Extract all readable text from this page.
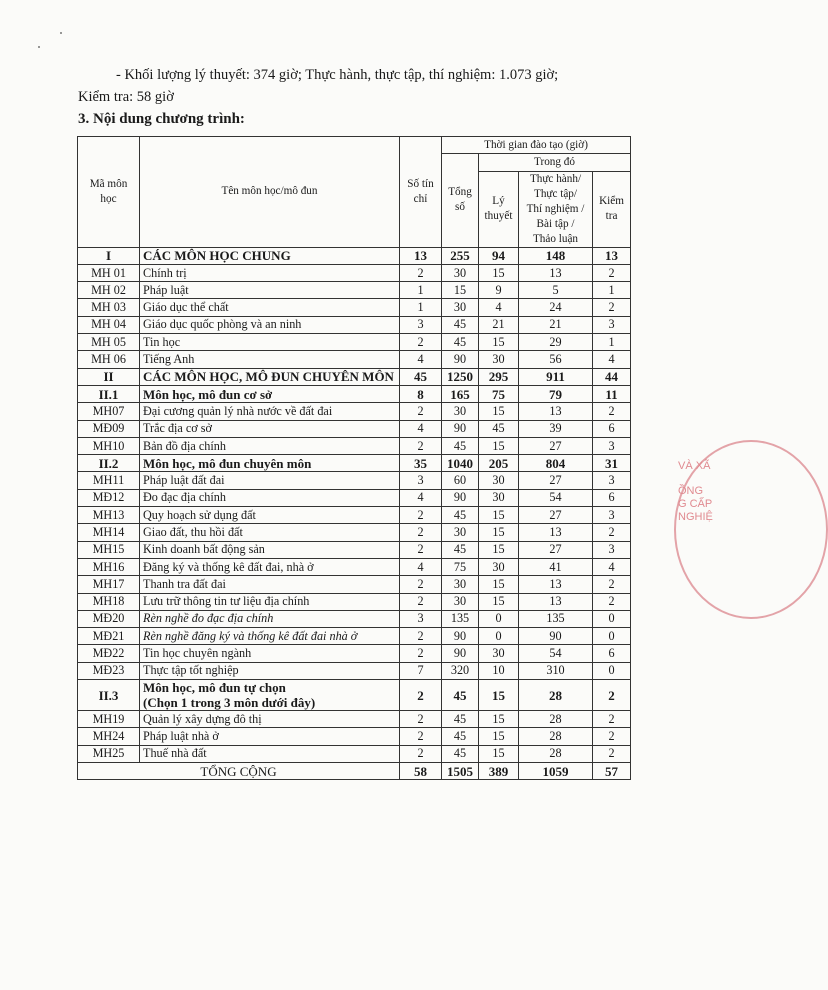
- Khối lượng lý thuyết: 374 giờ; Thực hành, thực tập, thí nghiệm: 1.073 giờ;
Kiểm tra: 58 giờ
3. Nội dung chương trình:
Mã môn học	Tên môn học/mô đun	Số tín chỉ	Thời gian đào tạo (giờ)			
			Tổng số	Trong đó		
				Lý thuyết	Thực hành/
Thực tập/
Thí nghiệm /
Bài tập /
Thảo luận	Kiểm tra

I	CÁC MÔN HỌC CHUNG	13	255	94	148	13
MH 01	Chính trị	2	30	15	13	2
MH 02	Pháp luật	1	15	9	5	1
MH 03	Giáo dục thể chất	1	30	4	24	2
MH 04	Giáo dục quốc phòng và an ninh	3	45	21	21	3
MH 05	Tin học	2	45	15	29	1
MH 06	Tiếng Anh	4	90	30	56	4
II	CÁC MÔN HỌC, MÔ ĐUN CHUYÊN MÔN	45	1250	295	911	44
II.1	Môn học, mô đun cơ sở	8	165	75	79	11
MH07	Đại cương quản lý nhà nước về đất đai	2	30	15	13	2
MĐ09	Trắc địa cơ sở	4	90	45	39	6
MH10	Bản đồ địa chính	2	45	15	27	3
II.2	Môn học, mô đun chuyên môn	35	1040	205	804	31
MH11	Pháp luật đất đai	3	60	30	27	3
MĐ12	Đo đạc địa chính	4	90	30	54	6
MH13	Quy hoạch sử dụng đất	2	45	15	27	3
MH14	Giao đất, thu hồi đất	2	30	15	13	2
MH15	Kinh doanh bất động sản	2	45	15	27	3
MH16	Đăng ký và thống kê đất đai, nhà ở	4	75	30	41	4
MH17	Thanh tra đất đai	2	30	15	13	2
MH18	Lưu trữ thông tin tư liệu địa chính	2	30	15	13	2
MĐ20	Rèn nghề đo đạc địa chính	3	135	0	135	0
MĐ21	Rèn nghề đăng ký và thống kê đất đai nhà ở	2	90	0	90	0
MĐ22	Tin học chuyên ngành	2	90	30	54	6
MĐ23	Thực tập tốt nghiệp	7	320	10	310	0
II.3	Môn học, mô đun tự chọn
(Chọn 1 trong 3 môn dưới đây)	2	45	15	28	2
MH19	Quản lý xây dựng đô thị	2	45	15	28	2
MH24	Pháp luật nhà ở	2	45	15	28	2
MH25	Thuế nhà đất	2	45	15	28	2
TỔNG CỘNG		58	1505	389	1059	57
VÀ XÃ
ỒNG
G CẤP
NGHIỆ
